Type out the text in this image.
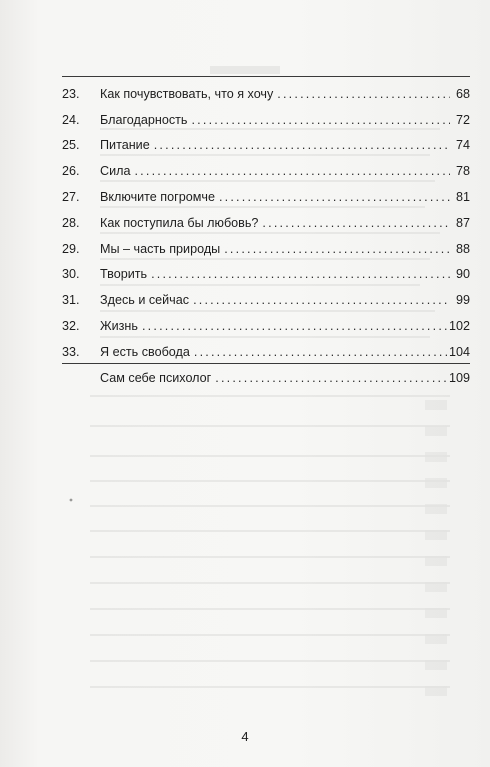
23.	Как почувствовать, что я хочу .....	68
24.	Благодарность .....	72
25.	Питание .....	74
26.	Сила .....	78
27.	Включите погромче .....	81
28.	Как поступила бы любовь? .....	87
29.	Мы – часть природы .....	88
30.	Творить .....	90
31.	Здесь и сейчас .....	99
32.	Жизнь .....	102
33.	Я есть свобода .....	104
Сам себе психолог .....	109
4
